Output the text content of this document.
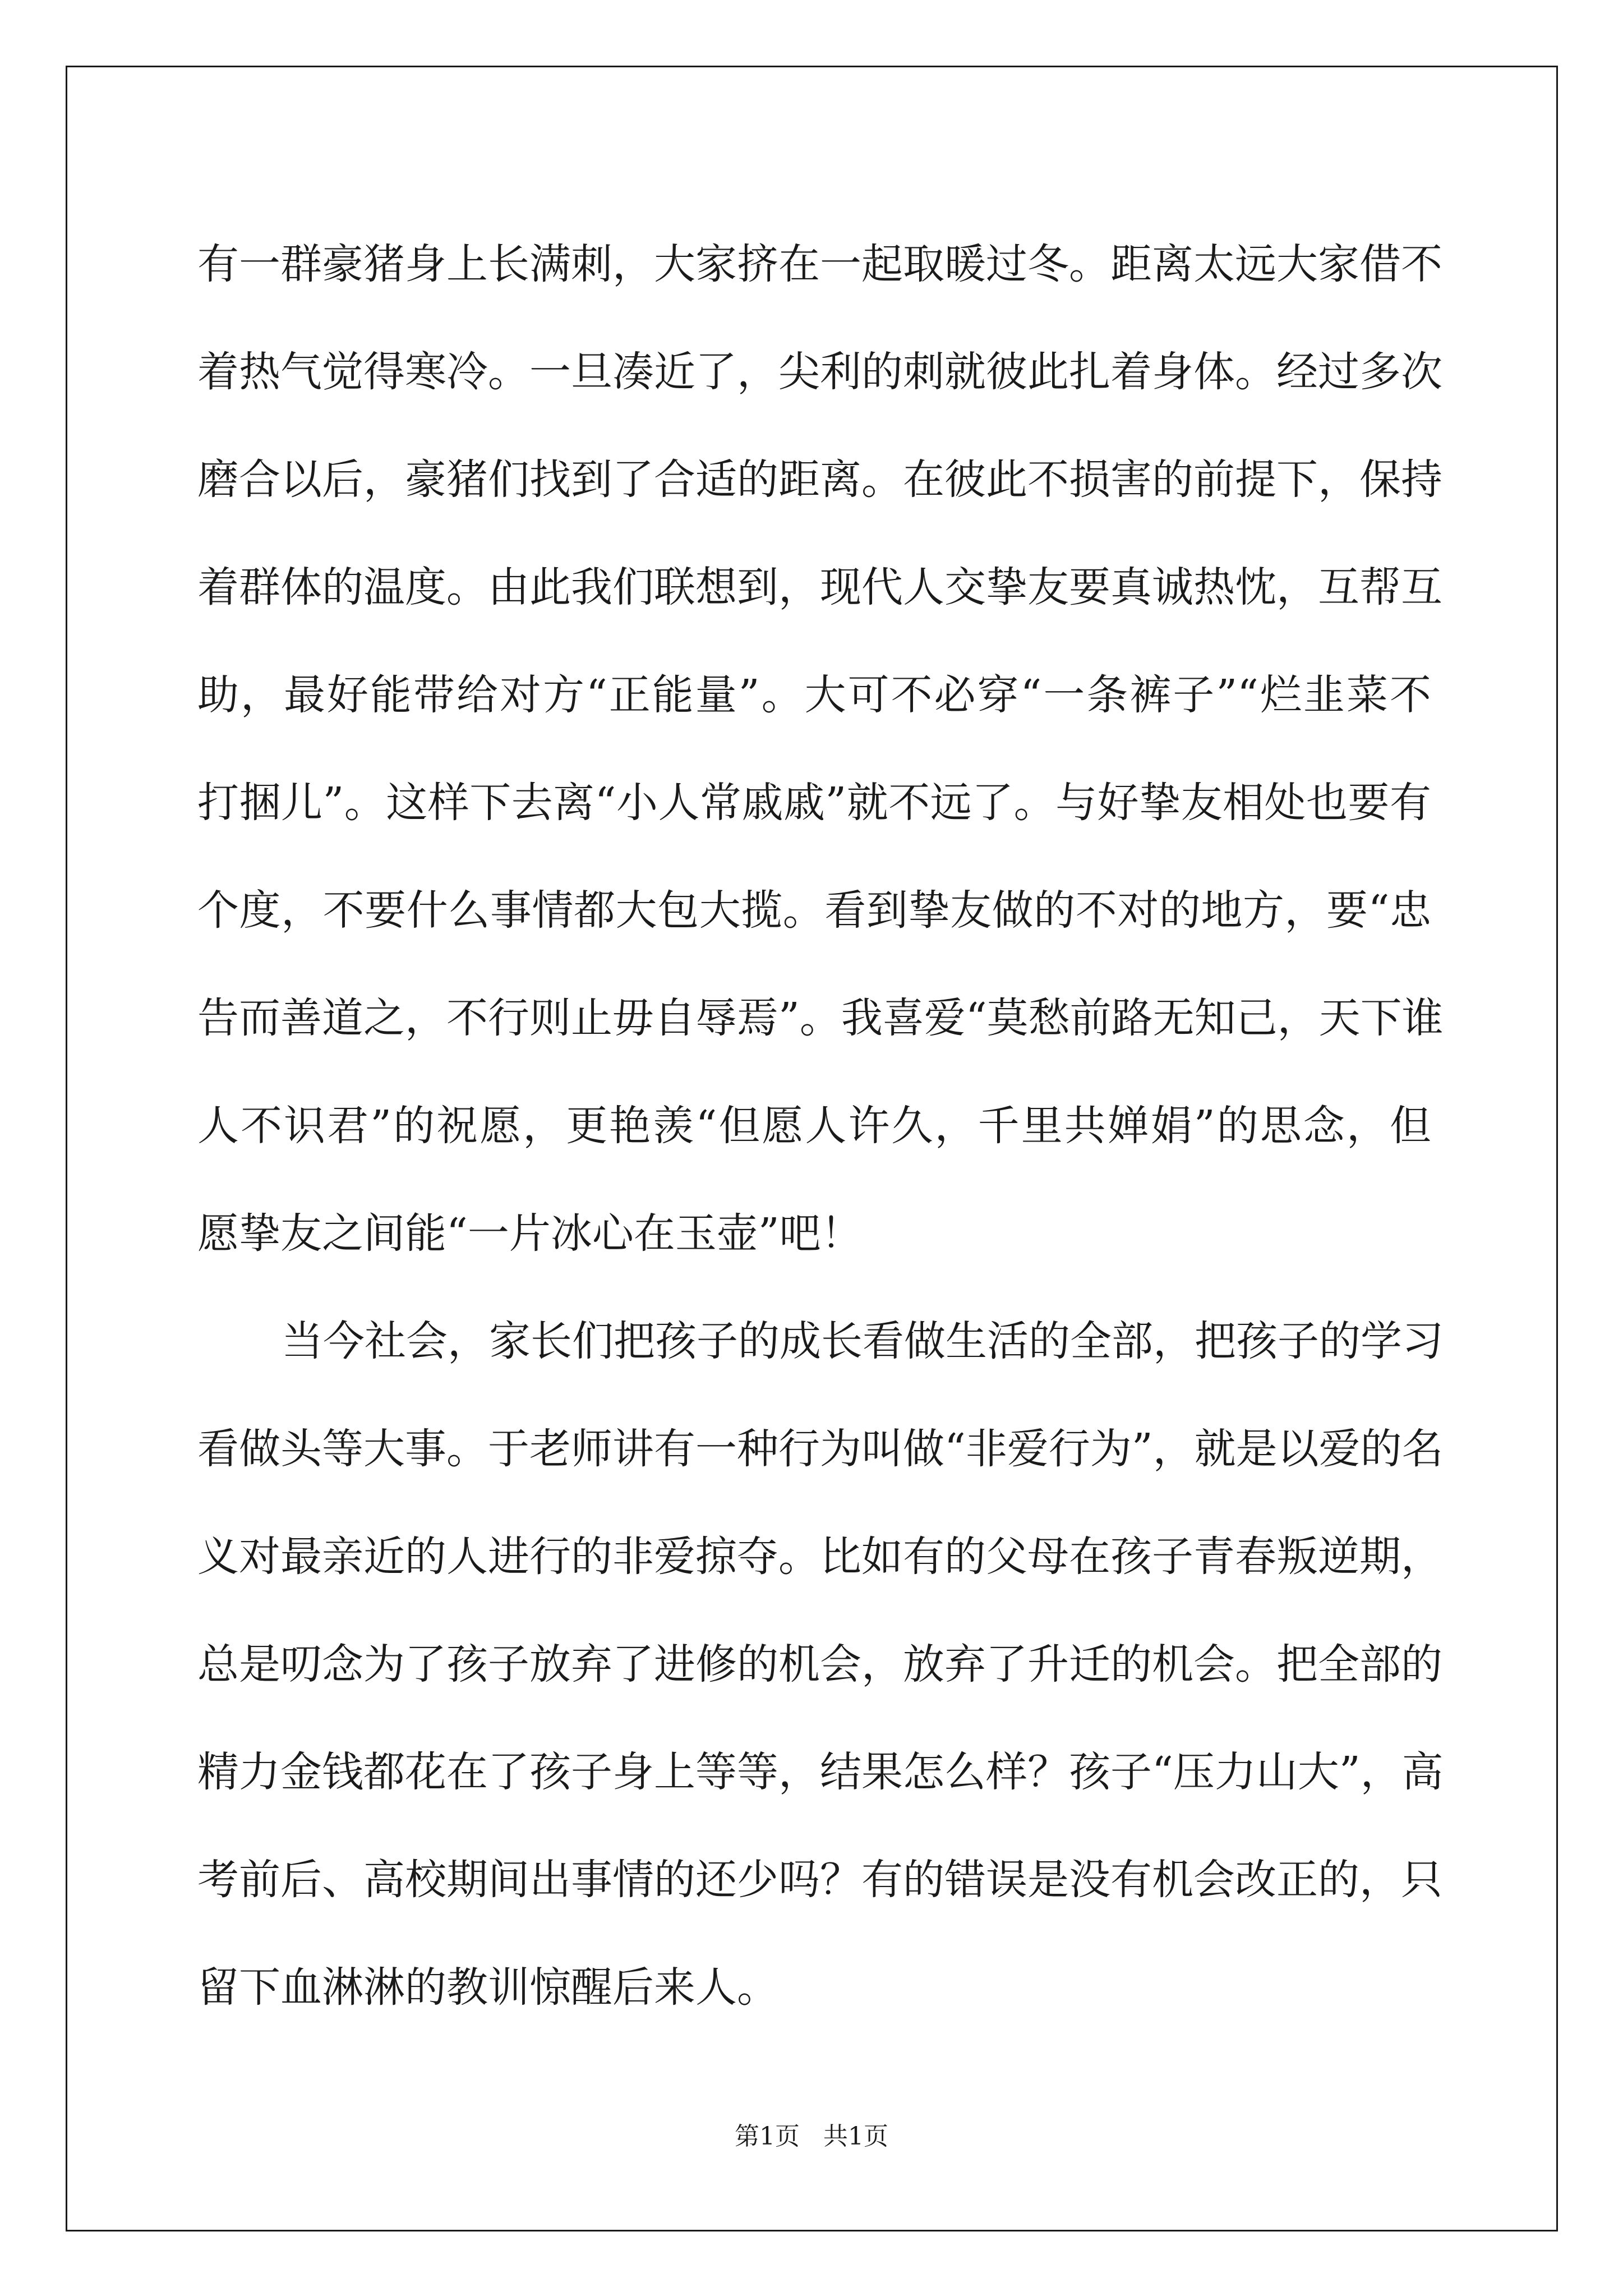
有一群豪猪身上长满刺，大家挤在一起取暖过冬。距离太远大家借不
着热气觉得寒冷。一旦凑近了，尖利的刺就彼此扎着身体。经过多次
磨合以后，豪猪们找到了合适的距离。在彼此不损害的前提下，保持
着群体的温度。由此我们联想到，现代人交挚友要真诚热忱，互帮互
助，最好能带给对方“正能量”。大可不必穿“一条裤子”“烂韭菜不
打捆儿”。这样下去离“小人常戚戚”就不远了。与好挚友相处也要有
个度，不要什么事情都大包大揽。看到挚友做的不对的地方，要“忠
告而善道之，不行则止毋自辱焉”。我喜爱“莫愁前路无知己，天下谁
人不识君”的祝愿，更艳羡“但愿人许久，千里共婵娟”的思念，但
愿挚友之间能“一片冰心在玉壶”吧！
当今社会，家长们把孩子的成长看做生活的全部，把孩子的学习
看做头等大事。于老师讲有一种行为叫做“非爱行为”，就是以爱的名
义对最亲近的人进行的非爱掠夺。比如有的父母在孩子青春叛逆期，
总是叨念为了孩子放弃了进修的机会，放弃了升迁的机会。把全部的
精力金钱都花在了孩子身上等等，结果怎么样？孩子“压力山大”，高
考前后、高校期间出事情的还少吗？有的错误是没有机会改正的，只
留下血淋淋的教训惊醒后来人。
第1页   共1页
